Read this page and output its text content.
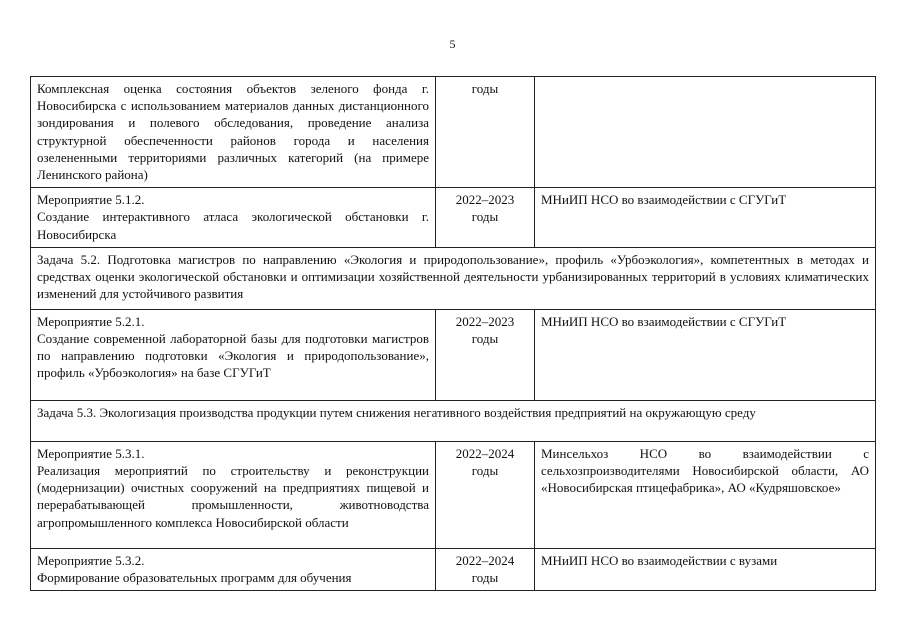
5
Комплексная оценка состояния объектов зеленого фонда г. Новосибирска с использованием материалов данных дистанционного зондирования и полевого обследования, проведение анализа структурной обеспеченности районов города и населения озелененными территориями различных категорий (на примере Ленинского района)	годы	

Мероприятие 5.1.2.
Создание интерактивного атласа экологической обстановки г. Новосибирска	2022–2023 годы	МНиИП НСО во взаимодействии с СГУГиТ
Задача 5.2. Подготовка магистров по направлению «Экология и природопользование», профиль «Урбоэкология», компетентных в методах и средствах оценки экологической обстановки и оптимизации хозяйственной деятельности урбанизированных территорий в условиях климатических изменений для устойчивого развития		

Мероприятие 5.2.1.
Создание современной лабораторной базы для подготовки магистров по направлению подготовки «Экология и природопользование», профиль «Урбоэкология» на базе СГУГиТ	2022–2023 годы	МНиИП НСО во взаимодействии с СГУГиТ
Задача 5.3. Экологизация производства продукции путем снижения негативного воздействия предприятий на окружающую среду		

Мероприятие 5.3.1.
Реализация мероприятий по строительству и реконструкции (модернизации) очистных сооружений на предприятиях пищевой и перерабатывающей промышленности, животноводства агропромышленного комплекса Новосибирской области	2022–2024 годы	Минсельхоз НСО во взаимодействии с сельхозпроизводителями Новосибирской области, АО «Новосибирская птицефабрика», АО «Кудряшовское»

Мероприятие 5.3.2.
Формирование образовательных программ для обучения	2022–2024 годы	МНиИП НСО во взаимодействии с вузами
